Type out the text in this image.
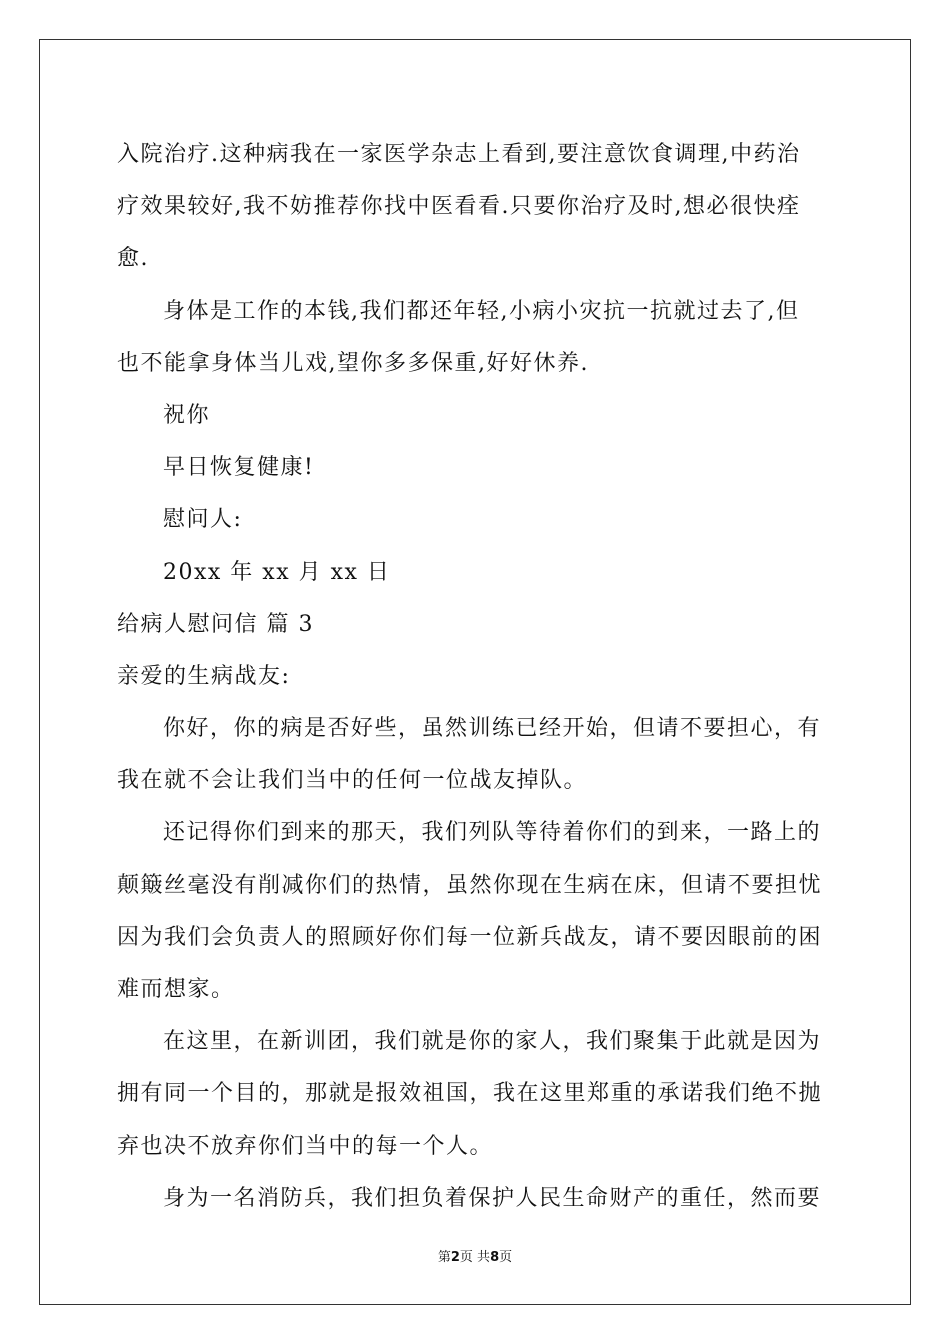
入院治疗.这种病我在一家医学杂志上看到,要注意饮食调理,中药治
疗效果较好,我不妨推荐你找中医看看.只要你治疗及时,想必很快痊
愈.
身体是工作的本钱,我们都还年轻,小病小灾抗一抗就过去了,但
也不能拿身体当儿戏,望你多多保重,好好休养.
祝你
早日恢复健康!
慰问人:
20xx 年 xx 月 xx 日
给病人慰问信 篇 3
亲爱的生病战友:
你好，你的病是否好些，虽然训练已经开始，但请不要担心，有
我在就不会让我们当中的任何一位战友掉队。
还记得你们到来的那天，我们列队等待着你们的到来，一路上的
颠簸丝毫没有削减你们的热情，虽然你现在生病在床，但请不要担忧
因为我们会负责人的照顾好你们每一位新兵战友，请不要因眼前的困
难而想家。
在这里，在新训团，我们就是你的家人，我们聚集于此就是因为
拥有同一个目的，那就是报效祖国，我在这里郑重的承诺我们绝不抛
弃也决不放弃你们当中的每一个人。
身为一名消防兵，我们担负着保护人民生命财产的重任，然而要
第2页 共8页
